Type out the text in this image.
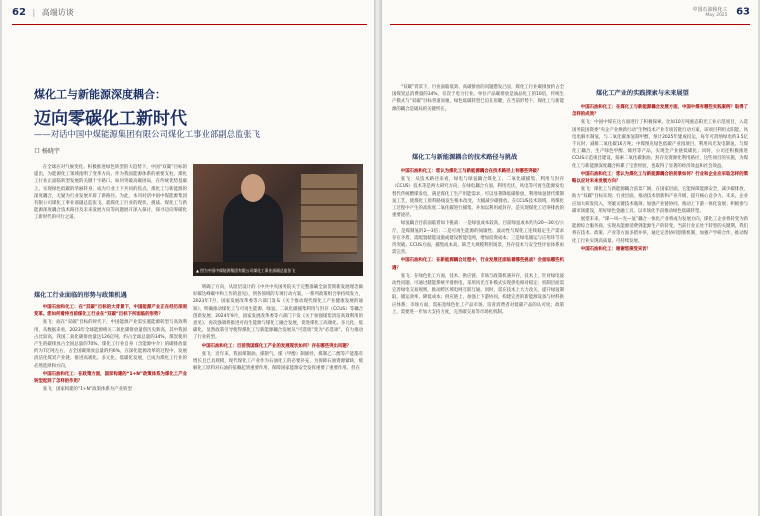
62 | 高端访谈
煤化工与新能源深度耦合：
迈向零碳化工新时代
——对话中国中煤能源集团有限公司煤化工事业部副总监张飞
口 杨晓宇

在全球应对气候变化、积极推进绿色转型的大趋势下，中国“双碳”目标的提出，为能源化工领域指明了变革方向。作为我国能源体系的重要支柱，煤化工行业正面临转型发展的关键十字路口。如何突破高碳困局，在传统优势基础上，实现绿色低碳的华丽转身，成为行业上下共同的焦点。煤化工与新能源的深度耦合，无疑为行业发展开辟了新路径。为此，本刊对话中国中煤能源集团有限公司煤化工事业部副总监张飞，就煤化工行业的现状、挑战、煤化工与新能源深度耦合技术路径及未来发展方向等问题展开深入探讨，探寻迈向零碳化工新时代的可行之道。

▲ 图为中国中煤能源集团有限公司煤化工事业部副总监张飞
煤化工行业面临的形势与政策机遇

中国石油和化工：在“双碳”目标的大背景下，中国能源产业正在经历深刻变革。您如何看待当前煤化工行业在“双碳”目标下所面临的形势？

张飞：面在“双碳”目标的时代下，中国能源产业需实施能源转型与高效利用，从数据来看，2023年全球能源相关二氧化碳排放量创历史新高，其中我国占比较高，我国二氧化碳排放量达126亿吨，约占全球总量的34%，煤炭使用产生的碳排放占全国总量的70%，煤化工行业自身（含能源中介）的碳排放量约为7亿吨左右，占全国碳排放总量的约6%，在深化能源改革的过程中，发展清洁化煤炭产业链，推进高端化、多元化、低碳化发展，已成为煤化工行业的必然选择和方向。

中国石油和化工：在政策方面，国家构建的“1+N”政策体系为煤化工产业转型起到了怎样的作用？

张飞：国家构建的“1+N”政策体系为产业转型

明确了方向，从原层设计的《中共中央国务院关于完整准确全面贯彻新发展理念做好碳达峰碳中和工作的意见》，到各领域的专项行动方案，一系列政策组合拳持续发力，2023年7月，国家发展改革委等六部门发布《关于推动现代煤化工产业健康发展的通知》，明确推动煤化工与可再生能源、绿氢、二氧化碳捕集利用与封存（CCUS）等耦合创新发展；2024年9月，国家发展改革委等六部门下发《关于加强煤炭清洁高效利用的意见》，再次强调将推进可再生能源与煤化工融合发展，促进煤化工高端化、多元化、低碳化，显然政策引导使得煤化工与新能源耦合发展从“可选项”变为“必选项”，有力推动了行业转型。

中国石油和化工：目前我国煤化工产业的发展现状如何？存在哪些突出问题？

张飞：近年来，我国煤制油、煤制气、煤（甲醇）制烯烃、煤制乙二醇等产能都有增长且已具规模，现代煤化工产业作为石油化工的必要补充，为保障石油资源紧缺，缓解化工原料对石油的依赖起到重要作用，保障国家能源安全发挥重要了重要作用。但在

中国石油和化工
May 2025 63

“双碳”背景下，行业面临低效、高碳排放的问题愈发凸显，煤化工行业碳排放约占全国煤炭总消费量的34%，仅次于电力行业。单位产品碳排放是油品化工的10倍，传统生产模式与“双碳”目标背道而驰，绿色低碳转型已迫在眉睫，在当前形势下，煤化工与新能源的耦合是破局的关键所在。

煤化工与新能源耦合的技术路径与挑战

中国石油和化工：您认为煤化工与新能源耦合在技术路径上有哪些突破？

张飞：从技术路径来看，绿电与绿氢耦合煤化工、二氧化碳捕集、利用与封存（CCUS）技术等是两大研究方向，在绿电耦合方面，利用光伏、风电等可再生能源发电替代传统燃煤发电，满足煤化工生产用能需求，可以显著降低碳排放，利用绿氢替代煤制氢工艺，使煤化工原料路线发生根本改变，大幅减少碳排放。在CCUS技术领域，将煤化工过程中产生的高浓度二氧化碳进行捕集，并加以利用或封存，是实现煤化工近零排放的重要途径。

绿氢耦合目前面临着如下挑战：一是绿氢成本较高，目前绿氢成本约为20—30元/公斤，是煤制氢的2—3倍；二是可再生能源的间歇性、波动性与煤化工连续稳定生产需求存在矛盾，需配置储能设施或建设智能电网，增加投资成本；三是绿电储运与应用环节有待突破。CCUS方面，捕集成本高，缺乏大规模利用场景，封存技术与安全性评估体系亟需完善。

中国石油和化工：在新能源耦合过程中，行业发展还面临着哪些挑战？会面临哪些机遇？

张飞：在绿色化工方面，技术、供应链、市场与政策机遇并存，技术上，针对绿电波动性问题，可通过储能系统平滑供电，采用风光互补模式实现供电相对稳定；机制层面需完善绿电交易规则，推动跨区域电网互联互通。同时，需在技术上大力攻关，提升绿氢制取、储运效率，降低成本；供应链上，加强上下游协同，构建完善的新能源设备与材料供应体系；市场方面，需拓宽绿色化工产品市场，培育消费者对低碳产品的认可度；政策上，需要进一步加大支持力度，完善碳交易等市场化机制。

煤化工产业的实践探索与未来展望

中国石油和化工：在煤化工与新能源耦合发展方面，中国中煤有哪些实践案例？取得了怎样的成效？

张飞：中国中煤在这方面进行了积极探索，比如10万吨液态阳光工业示范项目，入选国务院国资委“央企产业焕新行动”生物技术产业专项首批行动方案，该项目利用太阳能、风电电解水制氢，与二氧化碳加氢制甲醇，预计2025年建成投运，每年可消纳绿电约3.5亿千瓦时，减排二氧化碳16万吨；中煤图克绿色低碳产业园项目，利用风光发电制氢，与煤化工耦合，生产绿色甲醇、烯烃等产品，实现全产业链低碳化；同时，公司还积极推进CCUS示范项目建设，探索二氧化碳驱油、封存及资源化利用路径，这些项目的实施，为煤化工与新能源深度耦合积累了宝贵经验，也取得了显著的经济效益和社会效益。

中国石油和化工：您认为煤化工与新能源耦合的前景如何？行业和企业应采取怎样的策略以应对未来发展方向？

张飞：煤化工与新能源耦合前景广阔，在国家层面，它能保障能源安全，减少碳排放，助力“双碳”目标实现；行业层面，推动技术创新和产业升级，提升核心竞争力。未来，企业应加大研发投入，突破关键技术瓶颈；加强产业链协同，推动上下游一体化发展；积极参与碳市场建设，用好绿色金融工具，以市场化手段推动绿色低碳转型。

展望未来，“煤—风—光—氢”耦合一体化产业将成为发展方向，煤化工企业将转变为新能源综合服务商，实现从能源消费到能源生产的转变。当前行业正处于转型的关键期，我们将在技术、政策、产业等方面多措并举，通过完善协同创新机制，加强产学研合作，推动煤化工行业实现高质量、可持续发展。

中国石油和化工：谢谢您接受采访！
